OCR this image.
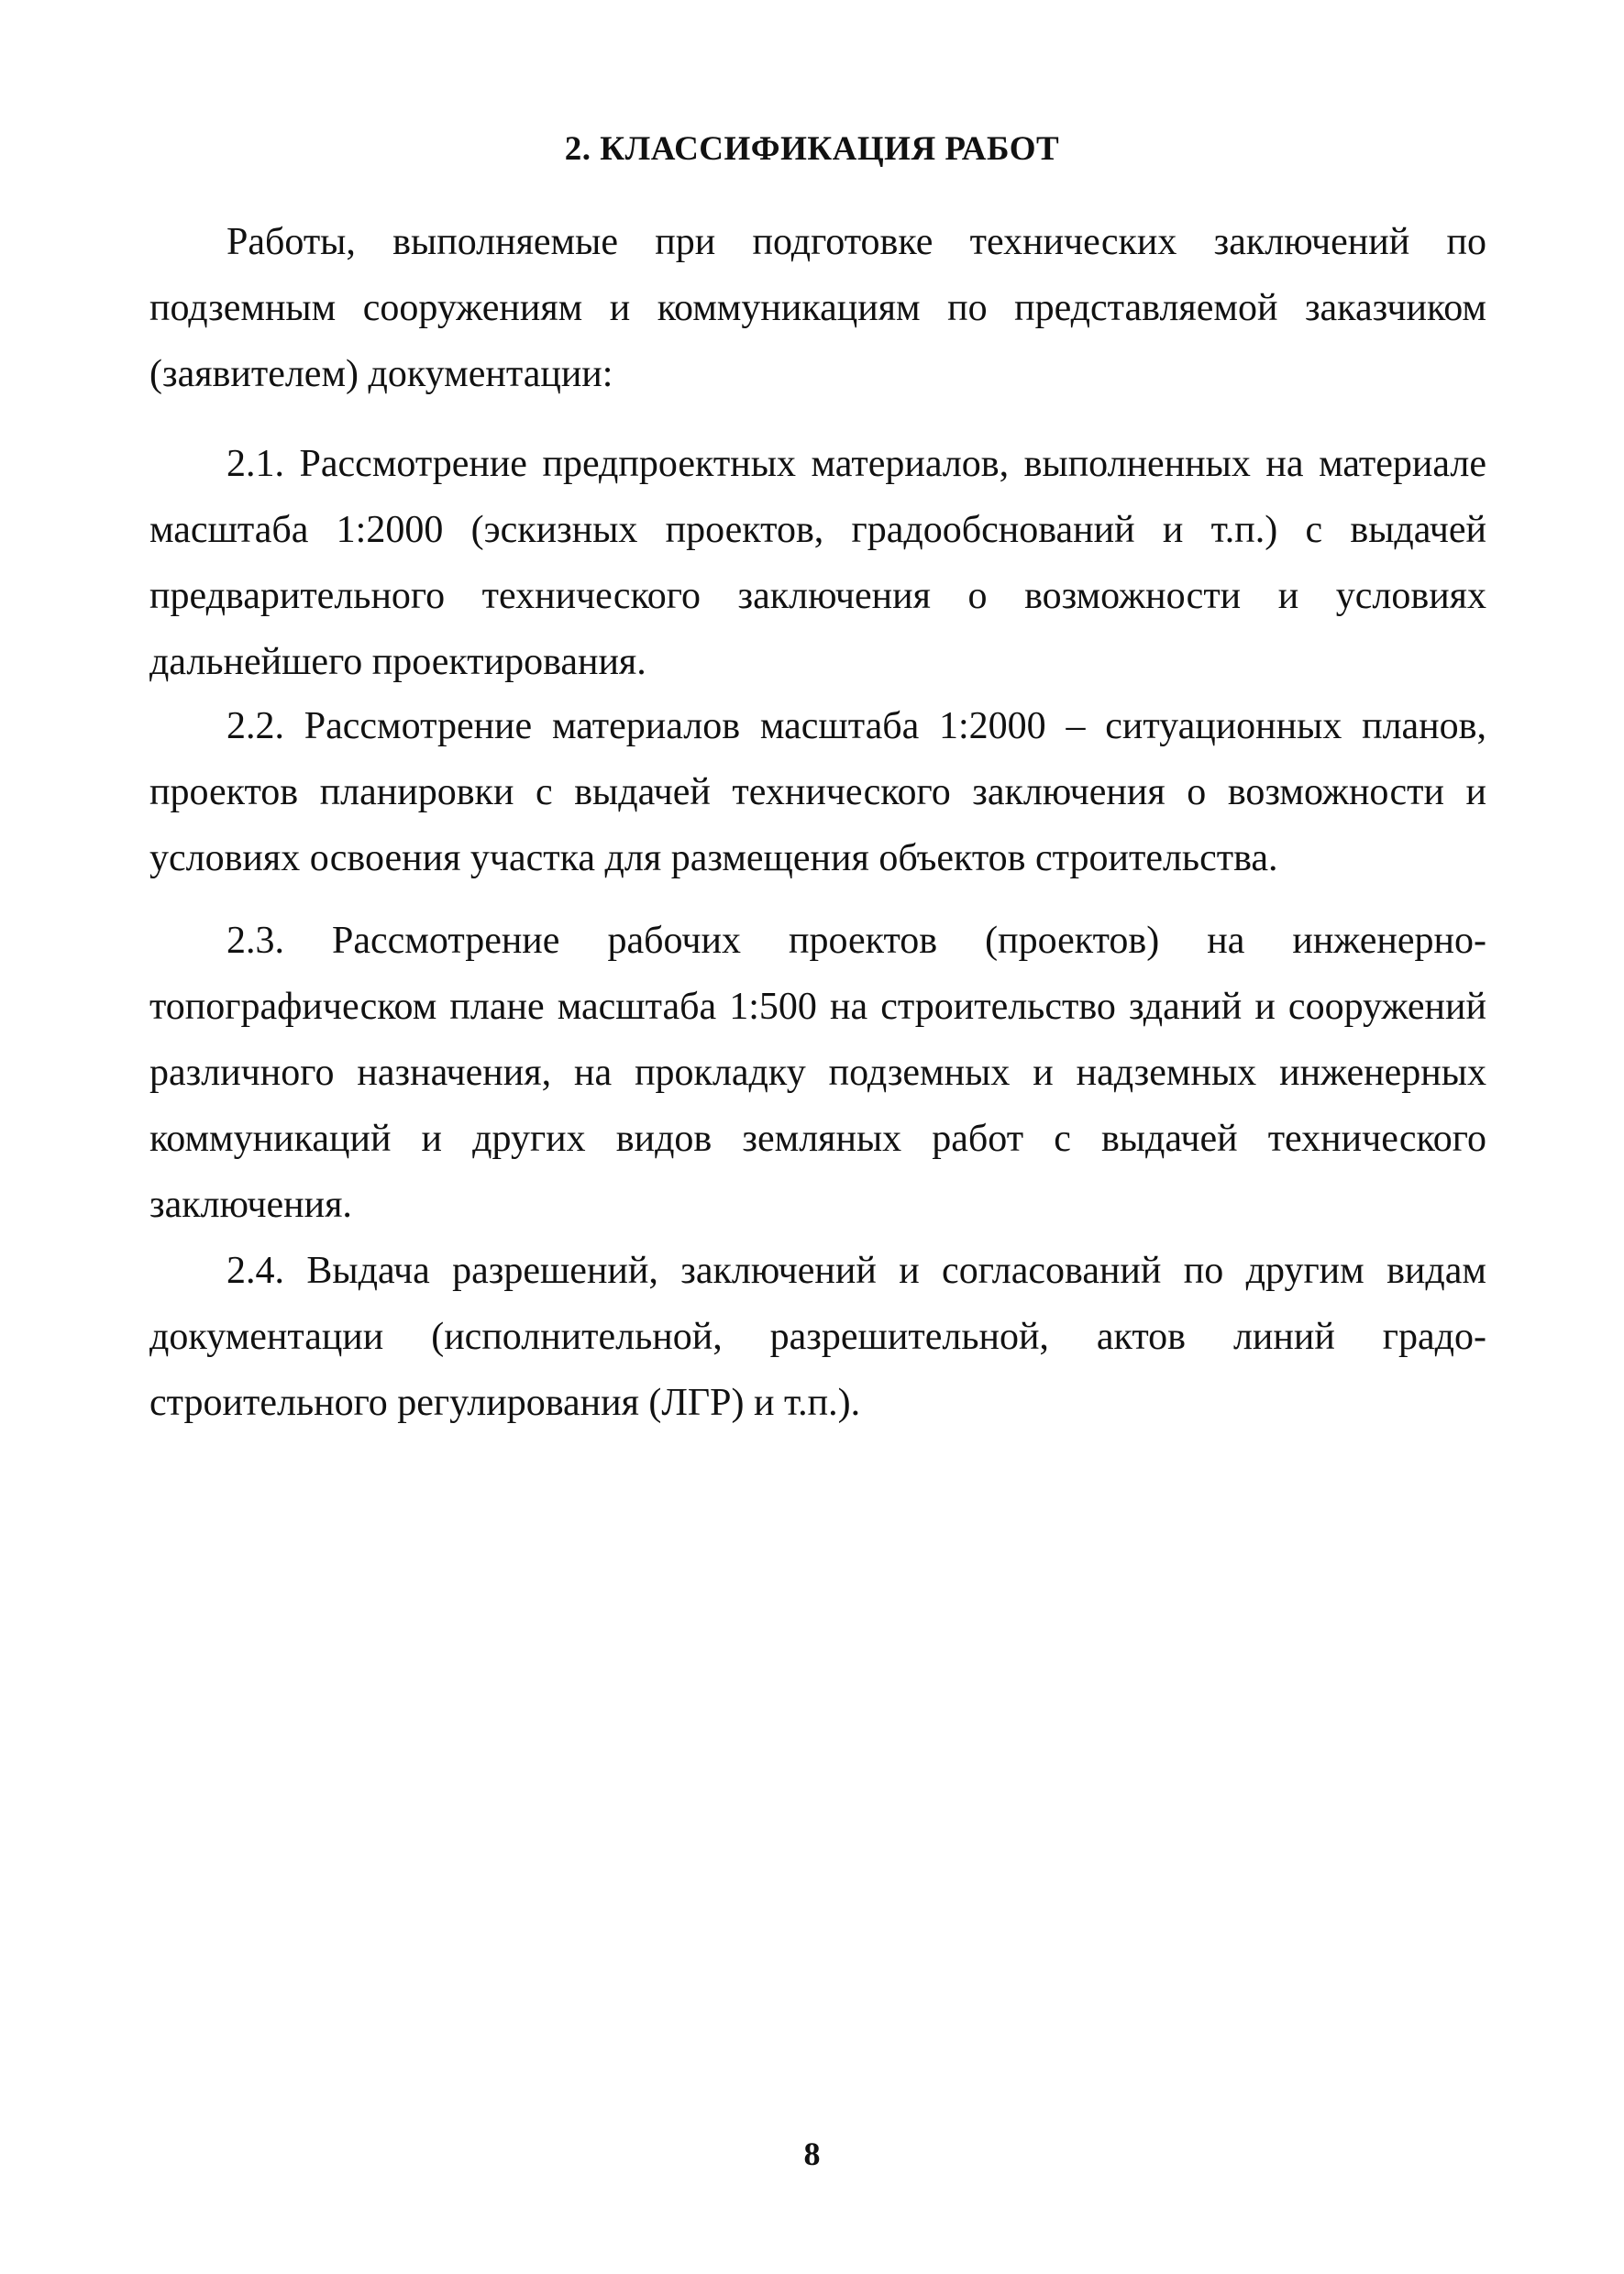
2. КЛАССИФИКАЦИЯ РАБОТ

Работы, выполняемые при подготовке технических заключений по подземным сооружениям и коммуникациям по представляемой заказчиком (заявителем) документации:

2.1. Рассмотрение предпроектных материалов, выполненных на материале масштаба 1:2000 (эскизных проектов, градообснований и т.п.) с выдачей предварительного технического заключения о возможности и условиях дальнейшего проектирования.

2.2. Рассмотрение материалов масштаба 1:2000 – ситуационных планов, проектов планировки с выдачей технического заключения о возможности и условиях освоения участка для размещения объектов строительства.

2.3. Рассмотрение рабочих проектов (проектов) на инженерно-топографическом плане масштаба 1:500 на строительство зданий и сооружений различного назначения, на прокладку подземных и надземных инженерных коммуникаций и других видов земляных работ с выдачей технического заключения.

2.4. Выдача разрешений, заключений и согласований по другим видам документации (исполнительной, разрешительной, актов линий градо-строительного регулирования (ЛГР) и т.п.).

8
